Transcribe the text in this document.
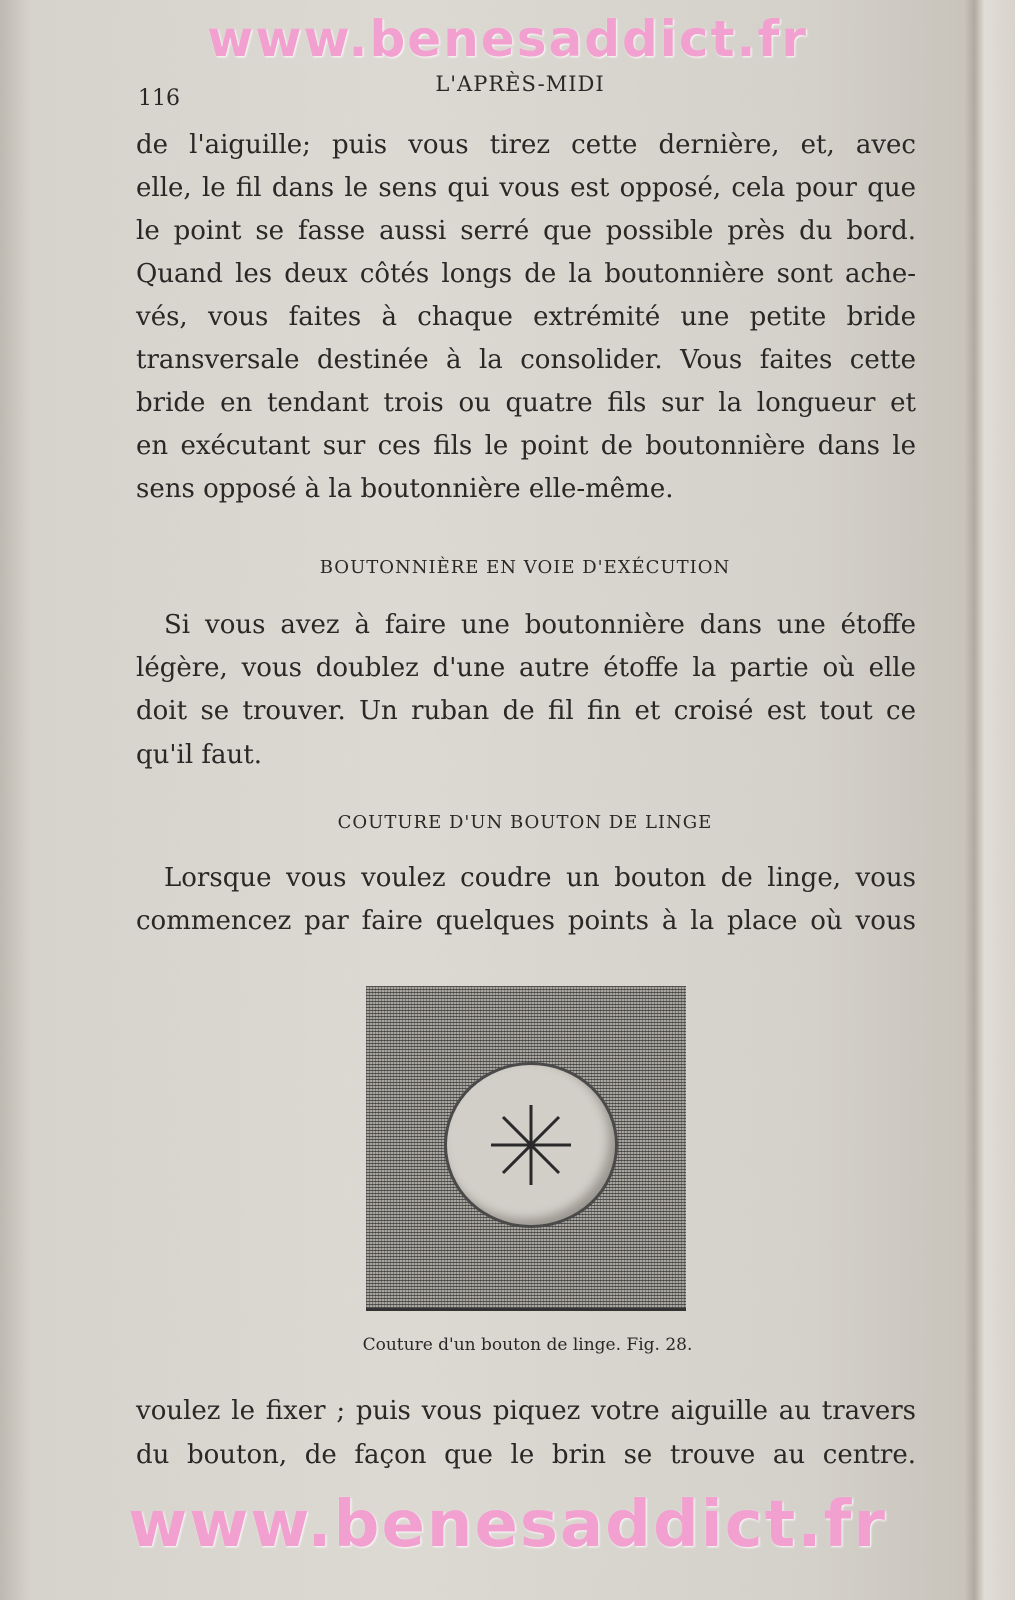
www.benesaddict.fr
116
L'APRÈS-MIDI
de l'aiguille; puis vous tirez cette dernière, et, avec
elle, le fil dans le sens qui vous est opposé, cela pour que
le point se fasse aussi serré que possible près du bord.
Quand les deux côtés longs de la boutonnière sont ache-
vés, vous faites à chaque extrémité une petite bride
transversale destinée à la consolider. Vous faites cette
bride en tendant trois ou quatre fils sur la longueur et
en exécutant sur ces fils le point de boutonnière dans le
sens opposé à la boutonnière elle-même.
BOUTONNIÈRE EN VOIE D'EXÉCUTION
Si vous avez à faire une boutonnière dans une étoffe
légère, vous doublez d'une autre étoffe la partie où elle
doit se trouver. Un ruban de fil fin et croisé est tout ce
qu'il faut.
COUTURE D'UN BOUTON DE LINGE
Lorsque vous voulez coudre un bouton de linge, vous
commencez par faire quelques points à la place où vous
Couture d'un bouton de linge. Fig. 28.
voulez le fixer ; puis vous piquez votre aiguille au travers
du bouton, de façon que le brin se trouve au centre.
www.benesaddict.fr
